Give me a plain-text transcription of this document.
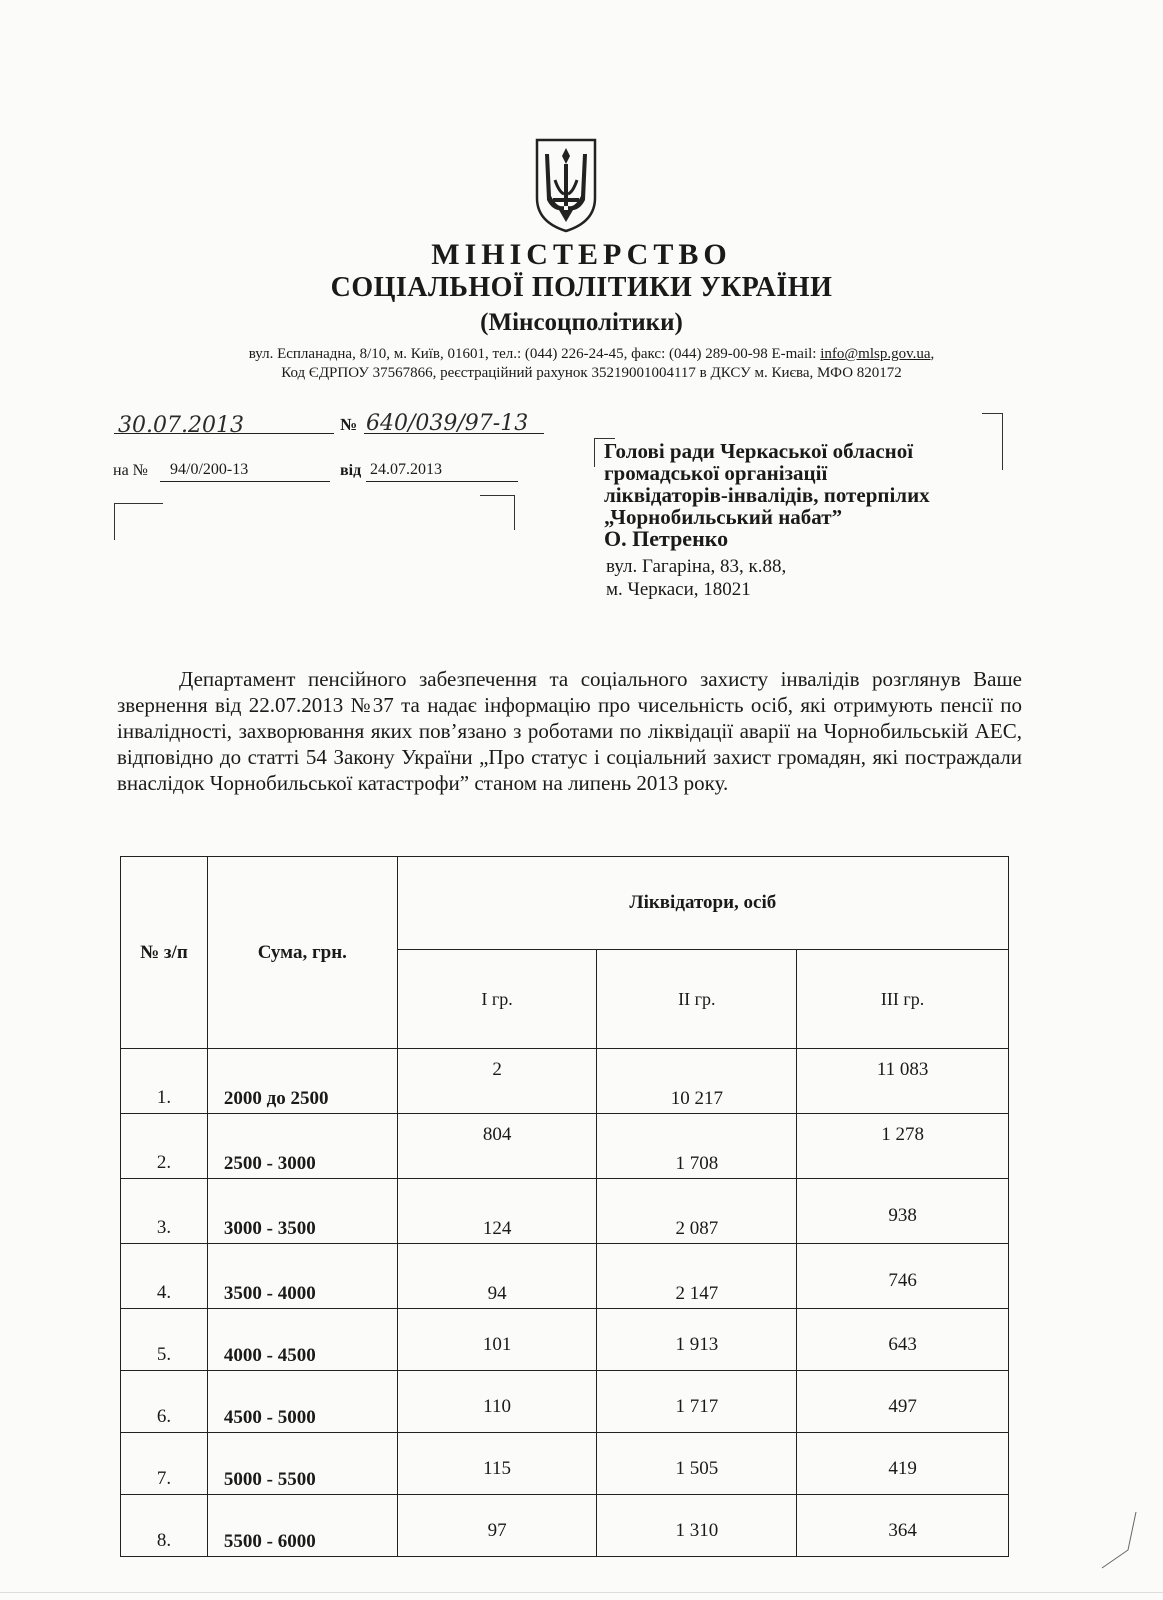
МІНІСТЕРСТВО
СОЦІАЛЬНОЇ ПОЛІТИКИ УКРАЇНИ
(Мінсоцполітики)
вул. Еспланадна, 8/10, м. Київ, 01601, тел.: (044) 226-24-45, факс: (044) 289-00-98 E-mail: info@mlsp.gov.ua,
Код ЄДРПОУ 37567866, реєстраційний рахунок 35219001004117 в ДКСУ м. Києва, МФО 820172
30.07.2013	№ 640/039/97-13
на № 94/0/200-13	від 24.07.2013
Голові ради Черкаської обласної
громадської організації
ліквідаторів-інвалідів, потерпілих
„Чорнобильський набат”
О. Петренко
вул. Гагаріна, 83, к.88,
м. Черкаси, 18021
Департамент пенсійного забезпечення та соціального захисту інвалідів розглянув Ваше звернення від 22.07.2013 №37 та надає інформацію про чисельність осіб, які отримують пенсії по інвалідності, захворювання яких пов’язано з роботами по ліквідації аварії на Чорнобильській АЕС, відповідно до статті 54 Закону України „Про статус і соціальний захист громадян, які постраждали внаслідок Чорнобильської катастрофи” станом на липень 2013 року.
№ з/п	Сума, грн.	Ліквідатори, осіб		
		І гр.	ІІ гр.	ІІІ гр.
1.	2000 до 2500	2	10 217	11 083
2.	2500 - 3000	804	1 708	1 278
3.	3000 - 3500	124	2 087	938
4.	3500 - 4000	94	2 147	746
5.	4000 - 4500	101	1 913	643
6.	4500 - 5000	110	1 717	497
7.	5000 - 5500	115	1 505	419
8.	5500 - 6000	97	1 310	364
